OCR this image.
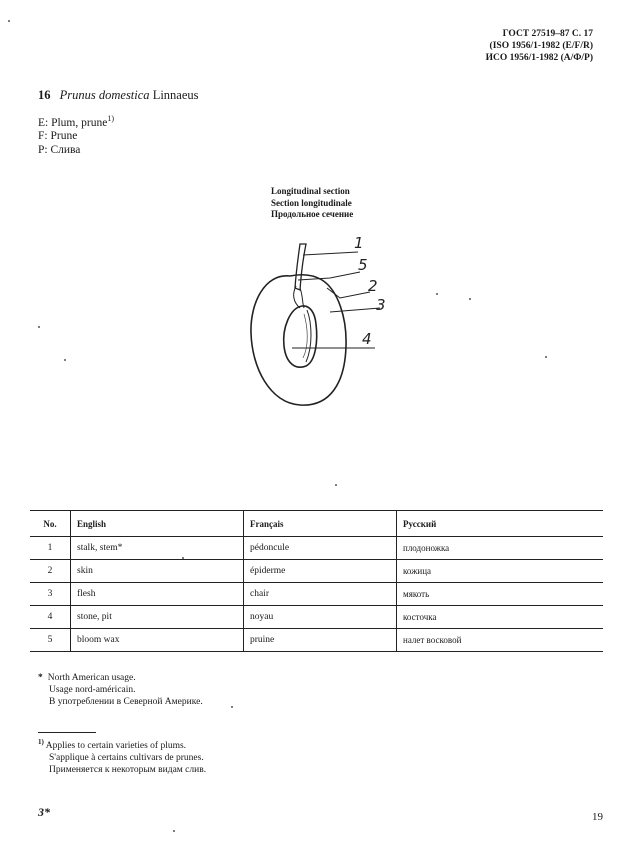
ГОСТ 27519–87 С. 17
(ISO 1956/1-1982 (E/F/R)
ИСО 1956/1-1982 (А/Ф/Р)
16 Prunus domestica Linnaeus
E: Plum, prune$^{1)}$
F: Prune
P: Слива
Longitudinal section
Section longitudinale
Продольное сечение
1
5
2
3
4
No.	English	Français	Русский
1	stalk, stem*	pédoncule	плодоножка
2	skin	épiderme	кожица
3	flesh	chair	мякоть
4	stone, pit	noyau	косточка
5	bloom wax	pruine	налет восковой
* North American usage.
Usage nord-américain.
В употреблении в Северной Америке.
$^{1)}$ Applies to certain varieties of plums.
S'applique à certains cultivars de prunes.
Применяется к некоторым видам слив.
3*	19
